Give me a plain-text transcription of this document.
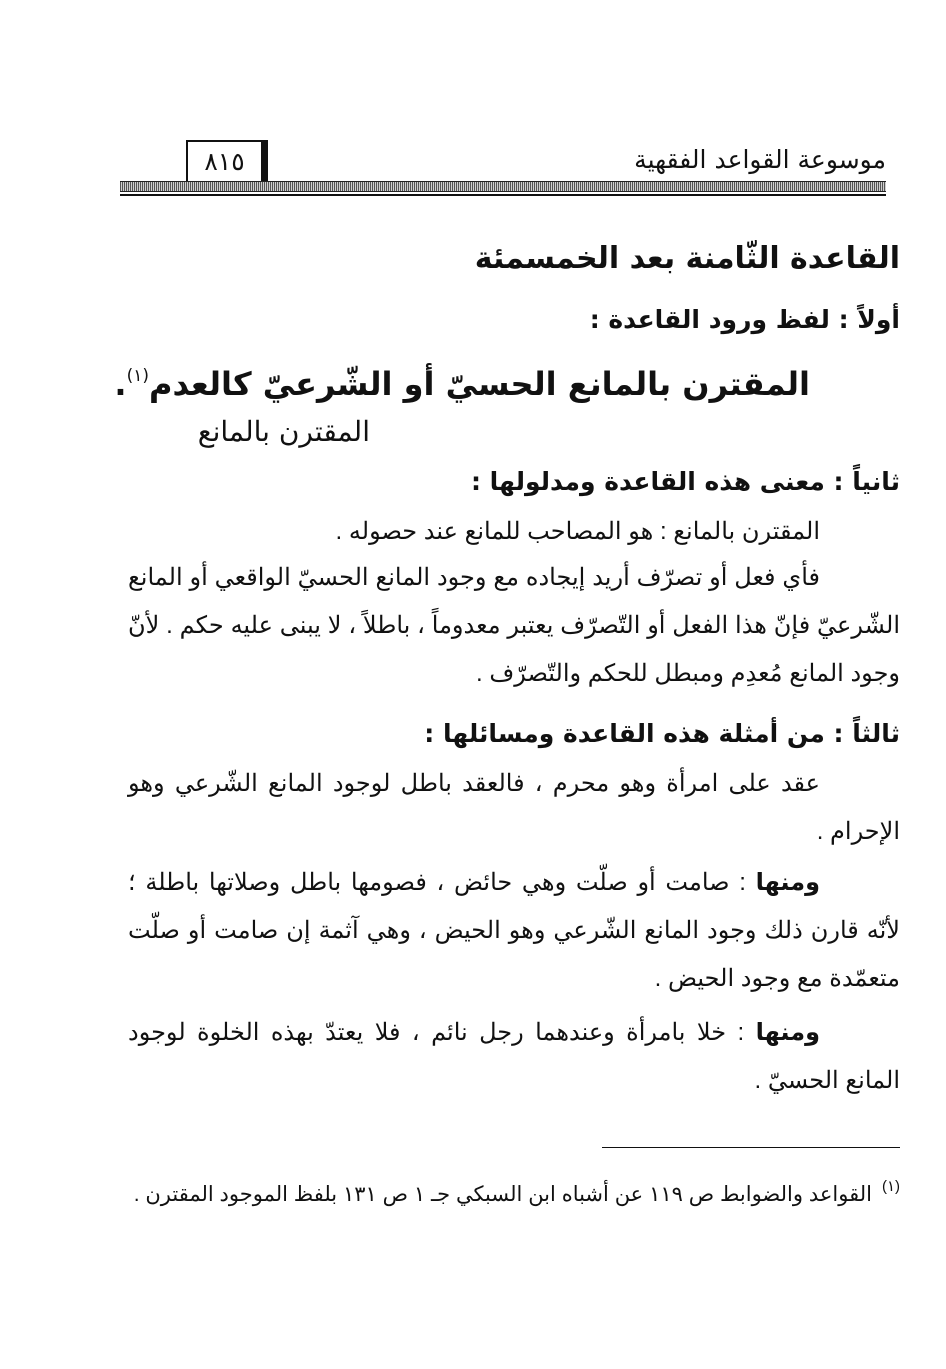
موسوعة القواعد الفقهية
٨١٥
القاعدة الثّامنة بعد الخمسمئة
أولاً : لفظ ورود القاعدة :
المقترن بالمانع الحسيّ أو الشّرعيّ كالعدم$^{(١)}$.
المقترن بالمانع
ثانياً : معنى هذه القاعدة ومدلولها :
المقترن بالمانع : هو المصاحب للمانع عند حصوله .
فأي فعل أو تصرّف أريد إيجاده مع وجود المانع الحسيّ الواقعي أو المانع الشّرعيّ فإنّ هذا الفعل أو التّصرّف يعتبر معدوماً ، باطلاً ، لا يبنى عليه حكم . لأنّ وجود المانع مُعدِم ومبطل للحكم والتّصرّف .
ثالثاً : من أمثلة هذه القاعدة ومسائلها :
عقد على امرأة وهو محرم ، فالعقد باطل لوجود المانع الشّرعي وهو الإحرام .
ومنها : صامت أو صلّت وهي حائض ، فصومها باطل وصلاتها باطلة ؛ لأنّه قارن ذلك وجود المانع الشّرعي وهو الحيض ، وهي آثمة إن صامت أو صلّت متعمّدة مع وجود الحيض .
ومنها : خلا بامرأة وعندهما رجل نائم ، فلا يعتدّ بهذه الخلوة لوجود المانع الحسيّ .
$^{(١)}$القواعد والضوابط ص ١١٩ عن أشباه ابن السبكي جـ ١ ص ١٣١ بلفظ الموجود المقترن .
